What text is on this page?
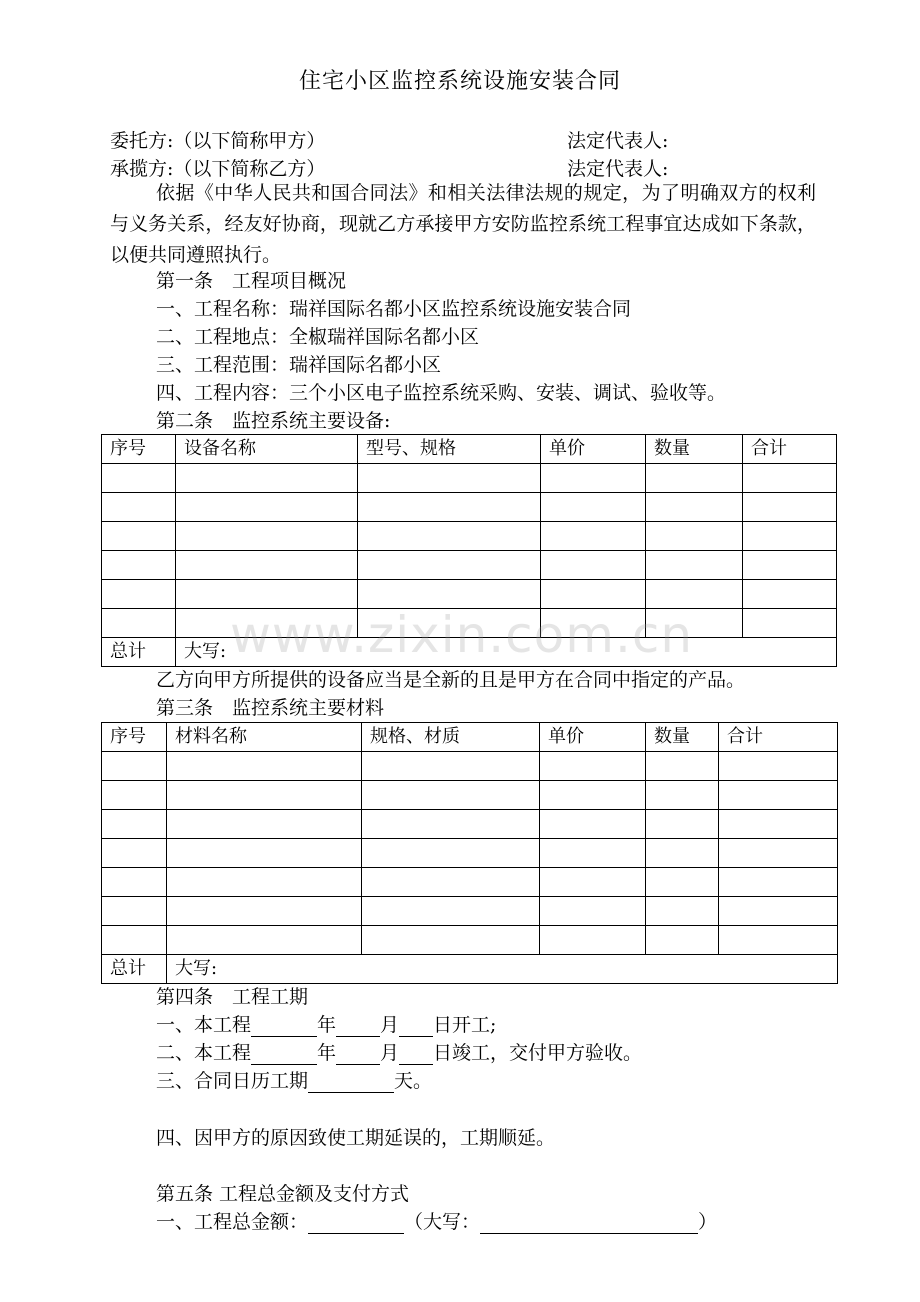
住宅小区监控系统设施安装合同
委托方:（以下简称甲方）	法定代表人:
承揽方:（以下简称乙方）	法定代表人:
依据《中华人民共和国合同法》和相关法律法规的规定，为了明确双方的权利与义务关系，经友好协商，现就乙方承接甲方安防监控系统工程事宜达成如下条款，以便共同遵照执行。
第一条　工程项目概况
一、工程名称：瑞祥国际名都小区监控系统设施安装合同
二、工程地点：全椒瑞祥国际名都小区
三、工程范围：瑞祥国际名都小区
四、工程内容：三个小区电子监控系统采购、安装、调试、验收等。
第二条　监控系统主要设备:
序号	设备名称	型号、规格	单价	数量	合计

总计	大写:				
乙方向甲方所提供的设备应当是全新的且是甲方在合同中指定的产品。
第三条　监控系统主要材料
序号	材料名称	规格、材质	单价	数量	合计

总计	大写:				
第四条　工程工期
一、本工程	年 月 日开工;
二、本工程	年 月 日竣工，交付甲方验收。
三、合同日历工期	天。
四、因甲方的原因致使工期延误的，工期顺延。
第五条 工程总金额及支付方式
一、工程总金额：	（大写：	）
www.zixin.com.cn
